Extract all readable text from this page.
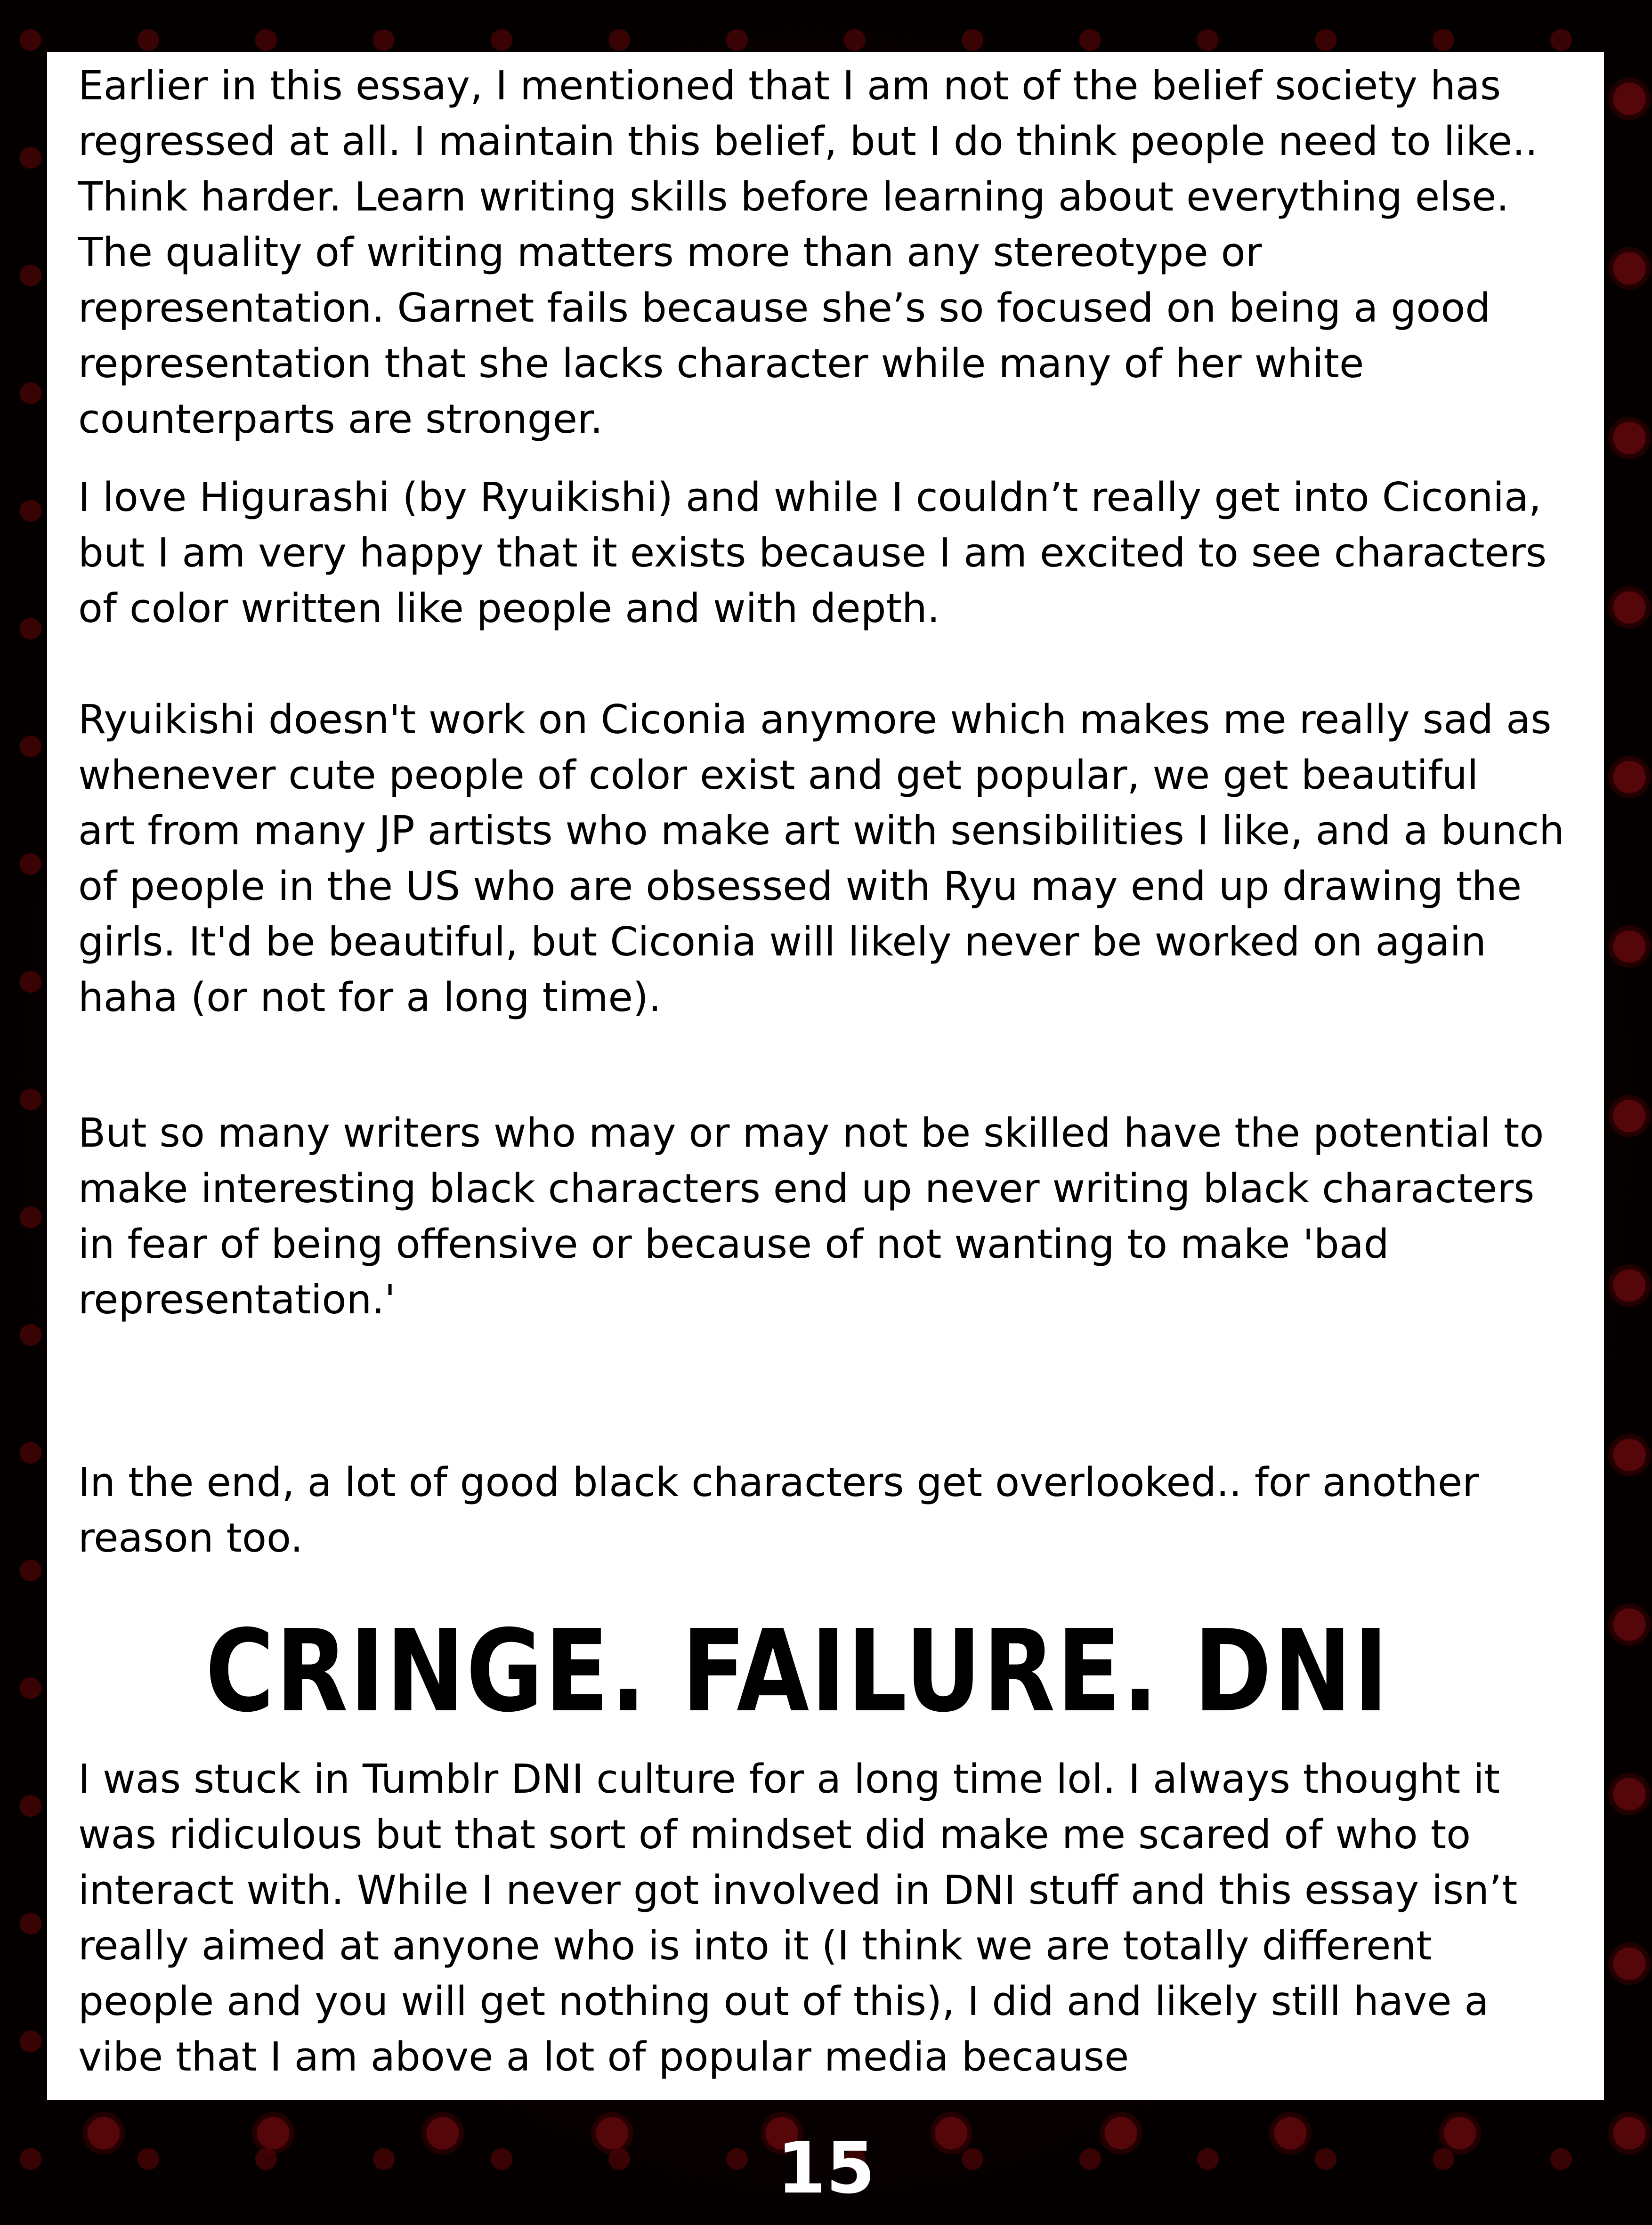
Earlier in this essay, I mentioned that I am not of the belief society has
regressed at all. I maintain this belief, but I do think people need to like..
Think harder. Learn writing skills before learning about everything else.
The quality of writing matters more than any stereotype or
representation. Garnet fails because she’s so focused on being a good
representation that she lacks character while many of her white
counterparts are stronger.

I love Higurashi (by Ryuikishi) and while I couldn’t really get into Ciconia,
but I am very happy that it exists because I am excited to see characters
of color written like people and with depth.

Ryuikishi doesn't work on Ciconia anymore which makes me really sad as
whenever cute people of color exist and get popular, we get beautiful
art from many JP artists who make art with sensibilities I like, and a bunch
of people in the US who are obsessed with Ryu may end up drawing the
girls. It'd be beautiful, but Ciconia will likely never be worked on again
haha (or not for a long time).

But so many writers who may or may not be skilled have the potential to
make interesting black characters end up never writing black characters
in fear of being offensive or because of not wanting to make 'bad
representation.'

In the end, a lot of good black characters get overlooked.. for another
reason too.

CRINGE. FAILURE. DNI

I was stuck in Tumblr DNI culture for a long time lol. I always thought it
was ridiculous but that sort of mindset did make me scared of who to
interact with. While I never got involved in DNI stuff and this essay isn’t
really aimed at anyone who is into it (I think we are totally different
people and you will get nothing out of this), I did and likely still have a
vibe that I am above a lot of popular media because

15
